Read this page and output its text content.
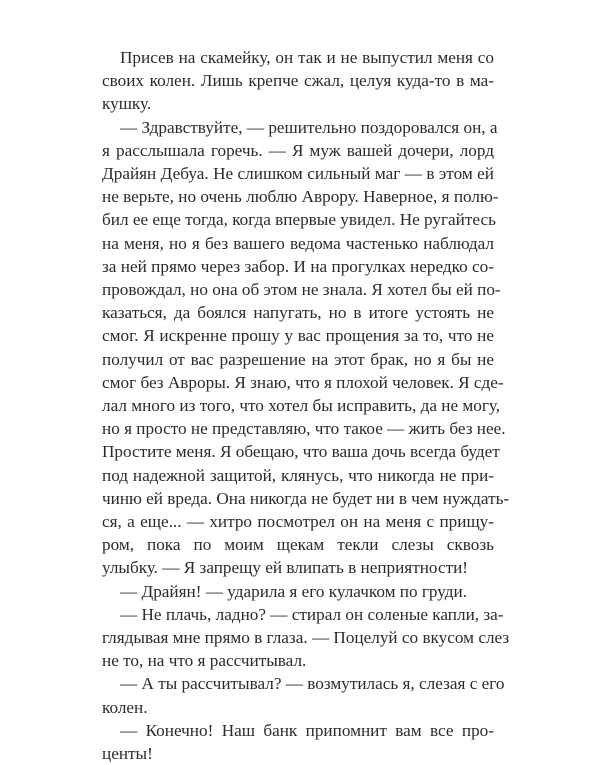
Присев на скамейку, он так и не выпустил меня со
своих колен. Лишь крепче сжал, целуя куда-то в ма-
кушку.
— Здравствуйте, — решительно поздоровался он, а
я расслышала горечь. — Я муж вашей дочери, лорд
Драйян Дебуа. Не слишком сильный маг — в этом ей
не верьте, но очень люблю Аврору. Наверное, я полю-
бил ее еще тогда, когда впервые увидел. Не ругайтесь
на меня, но я без вашего ведома частенько наблюдал
за ней прямо через забор. И на прогулках нередко со-
провождал, но она об этом не знала. Я хотел бы ей по-
казаться, да боялся напугать, но в итоге устоять не
смог. Я искренне прошу у вас прощения за то, что не
получил от вас разрешение на этот брак, но я бы не
смог без Авроры. Я знаю, что я плохой человек. Я сде-
лал много из того, что хотел бы исправить, да не могу,
но я просто не представляю, что такое — жить без нее.
Простите меня. Я обещаю, что ваша дочь всегда будет
под надежной защитой, клянусь, что никогда не при-
чиню ей вреда. Она никогда не будет ни в чем нуждать-
ся, а еще... — хитро посмотрел он на меня с прищу-
ром, пока по моим щекам текли слезы сквозь
улыбку. — Я запрещу ей влипать в неприятности!
— Драйян! — ударила я его кулачком по груди.
— Не плачь, ладно? — стирал он соленые капли, за-
глядывая мне прямо в глаза. — Поцелуй со вкусом слез
не то, на что я рассчитывал.
— А ты рассчитывал? — возмутилась я, слезая с его
колен.
— Конечно! Наш банк припомнит вам все про-
центы!
